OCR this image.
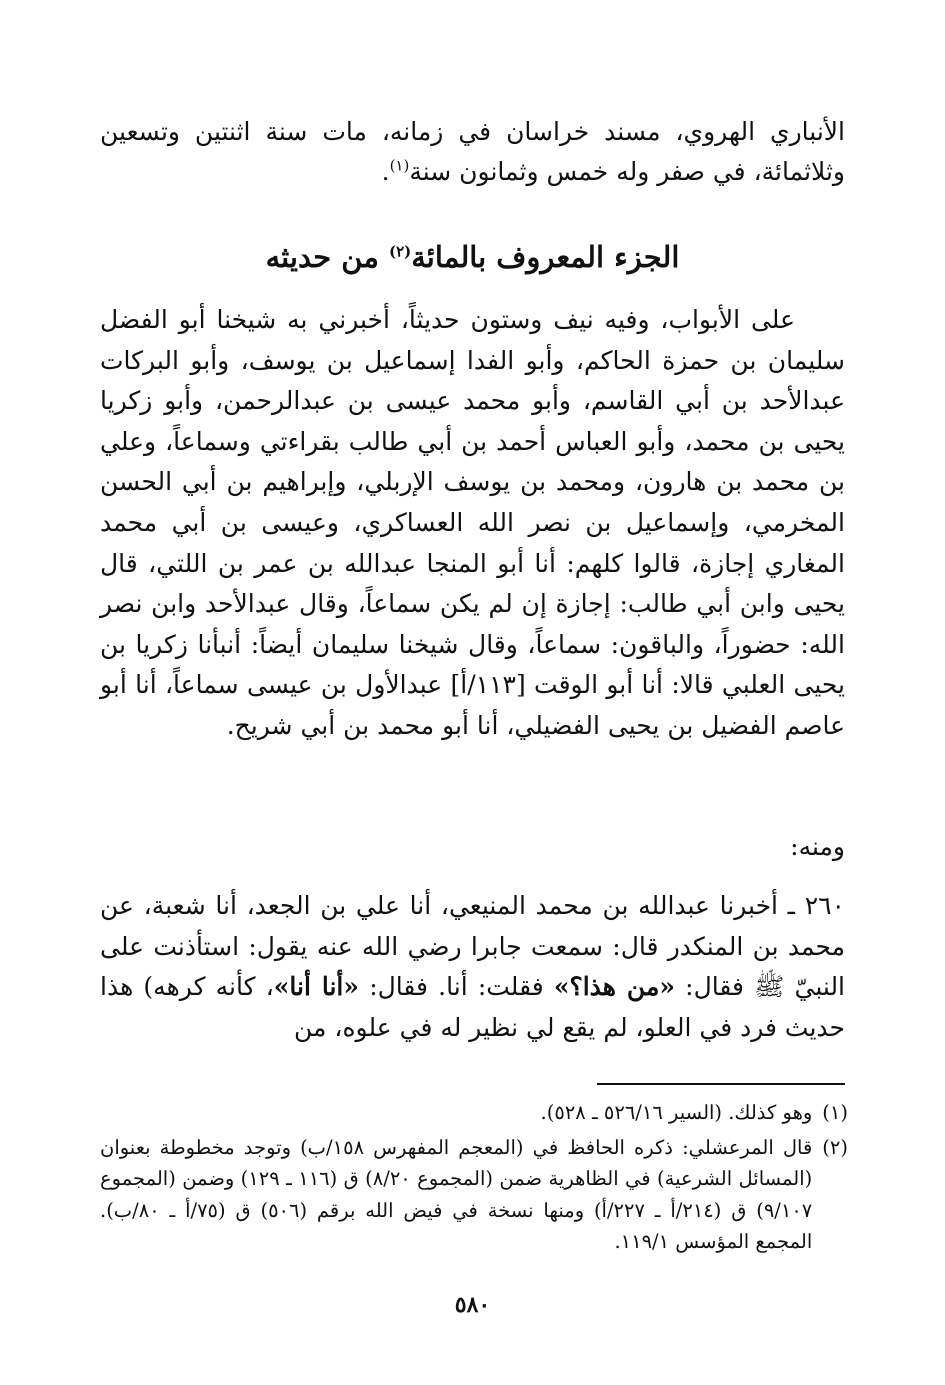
الأنباري الهروي، مسند خراسان في زمانه، مات سنة اثنتين وتسعين وثلاثمائة، في صفر وله خمس وثمانون سنة$^{(١)}$.

الجزء المعروف بالمائة$^{(٢)}$ من حديثه

على الأبواب، وفيه نيف وستون حديثاً، أخبرني به شيخنا أبو الفضل سليمان بن حمزة الحاكم، وأبو الفدا إسماعيل بن يوسف، وأبو البركات عبدالأحد بن أبي القاسم، وأبو محمد عيسى بن عبدالرحمن، وأبو زكريا يحيى بن محمد، وأبو العباس أحمد بن أبي طالب بقراءتي وسماعاً، وعلي بن محمد بن هارون، ومحمد بن يوسف الإربلي، وإبراهيم بن أبي الحسن المخرمي، وإسماعيل بن نصر الله العساكري، وعيسى بن أبي محمد المغاري إجازة، قالوا كلهم: أنا أبو المنجا عبدالله بن عمر بن اللتي، قال يحيى وابن أبي طالب: إجازة إن لم يكن سماعاً، وقال عبدالأحد وابن نصر الله: حضوراً، والباقون: سماعاً، وقال شيخنا سليمان أيضاً: أنبأنا زكريا بن يحيى العلبي قالا: أنا أبو الوقت [١١٣/أ] عبدالأول بن عيسى سماعاً، أنا أبو عاصم الفضيل بن يحيى الفضيلي، أنا أبو محمد بن أبي شريح.

ومنه:

٢٦٠ ـ أخبرنا عبدالله بن محمد المنيعي، أنا علي بن الجعد، أنا شعبة، عن محمد بن المنكدر قال: سمعت جابرا رضي الله عنه يقول: استأذنت على النبيّ ﷺ فقال: «من هذا؟» فقلت: أنا. فقال: «أنا أنا»، كأنه كرهه) هذا حديث فرد في العلو، لم يقع لي نظير له في علوه، من

(١)
وهو كذلك. (السير ٥٢٦/١٦ ـ ٥٢٨).
(٢)
قال المرعشلي: ذكره الحافظ في (المعجم المفهرس ١٥٨/ب) وتوجد مخطوطة بعنوان (المسائل الشرعية) في الظاهرية ضمن (المجموع ٨/٢٠) ق (١١٦ ـ ١٢٩) وضمن (المجموع ٩/١٠٧) ق (٢١٤/أ ـ ٢٢٧/أ) ومنها نسخة في فيض الله برقم (٥٠٦) ق (٧٥/أ ـ ٨٠/ب). المجمع المؤسس ١١٩/١.
٥٨٠
